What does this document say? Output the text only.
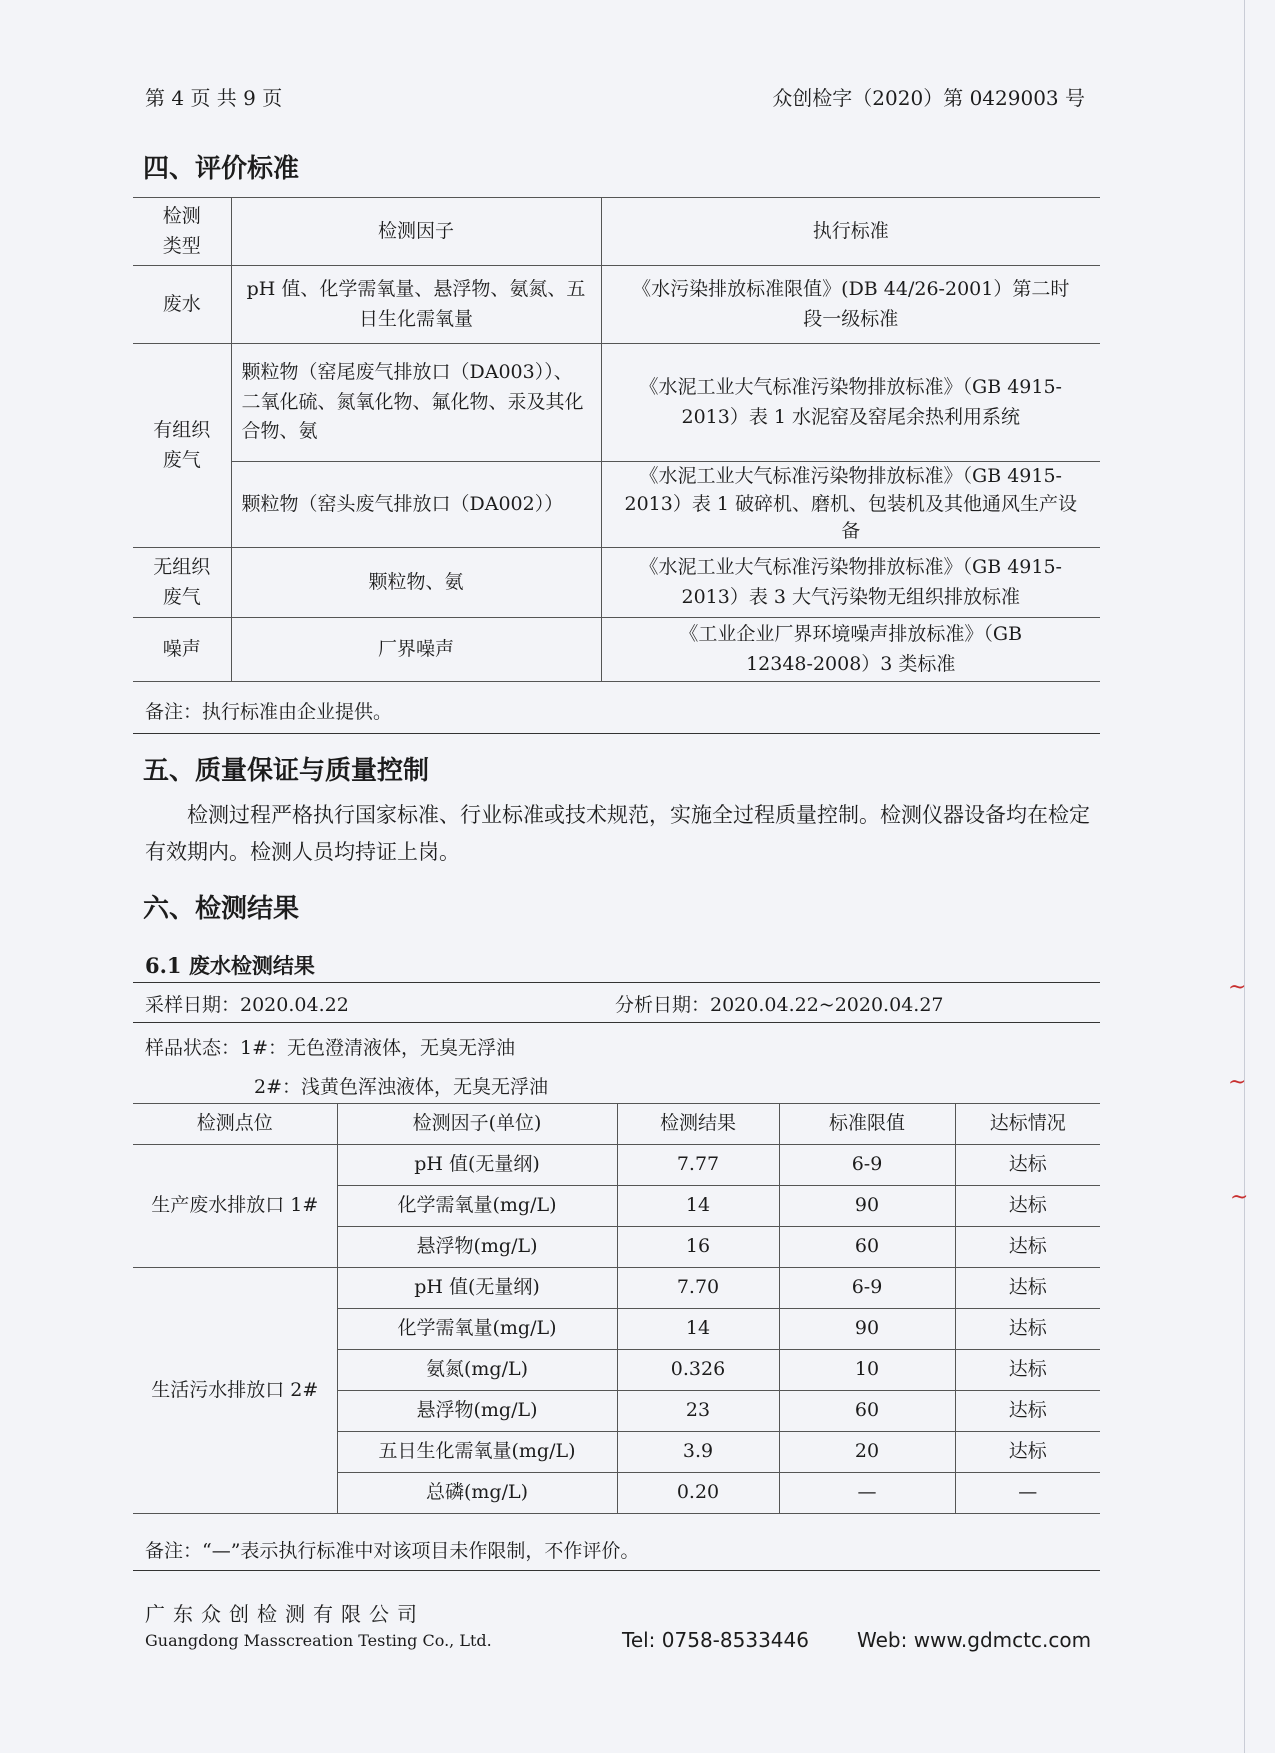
第 4 页 共 9 页	众创检字（2020）第 0429003 号
四、评价标准
检测
类型	检测因子	执行标准
废水	pH 值、化学需氧量、悬浮物、氨氮、五日生化需氧量	《水污染排放标准限值》(DB 44/26-2001）第二时段一级标准
有组织
废气	颗粒物（窑尾废气排放口（DA003））、二氧化硫、氮氧化物、氟化物、汞及其化合物、氨	《水泥工业大气标准污染物排放标准》（GB 4915-2013）表 1 水泥窑及窑尾余热利用系统
	颗粒物（窑头废气排放口（DA002））	《水泥工业大气标准污染物排放标准》（GB 4915-2013）表 1 破碎机、磨机、包装机及其他通风生产设备
无组织
废气	颗粒物、氨	《水泥工业大气标准污染物排放标准》（GB 4915-2013）表 3 大气污染物无组织排放标准
噪声	厂界噪声	《工业企业厂界环境噪声排放标准》（GB 12348-2008）3 类标准
备注：执行标准由企业提供。
五、质量保证与质量控制
检测过程严格执行国家标准、行业标准或技术规范，实施全过程质量控制。检测仪器设备均在检定有效期内。检测人员均持证上岗。
六、检测结果
6.1 废水检测结果
采样日期：2020.04.22	分析日期：2020.04.22~2020.04.27
样品状态：1#：无色澄清液体，无臭无浮油
2#：浅黄色浑浊液体，无臭无浮油
检测点位	检测因子(单位)	检测结果	标准限值	达标情况
生产废水排放口 1#	pH 值(无量纲)	7.77	6-9	达标
	化学需氧量(mg/L)	14	90	达标
	悬浮物(mg/L)	16	60	达标
生活污水排放口 2#	pH 值(无量纲)	7.70	6-9	达标
	化学需氧量(mg/L)	14	90	达标
	氨氮(mg/L)	0.326	10	达标
	悬浮物(mg/L)	23	60	达标
	五日生化需氧量(mg/L)	3.9	20	达标
	总磷(mg/L)	0.20	—	—
备注：“—”表示执行标准中对该项目未作限制，不作评价。
广东众创检测有限公司
Guangdong Masscreation Testing Co., Ltd.	Tel: 0758-8533446 Web: www.gdmctc.com
~
~
~
